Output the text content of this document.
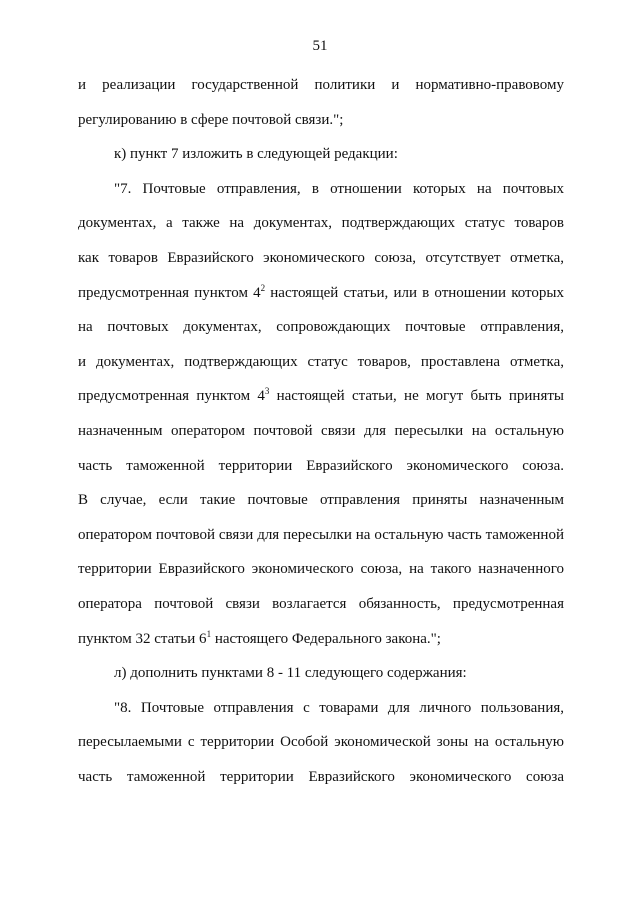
51
и реализации государственной политики и нормативно-правовому
регулированию в сфере почтовой связи.";
к) пункт 7 изложить в следующей редакции:
"7. Почтовые отправления, в отношении которых на почтовых
документах, а также на документах, подтверждающих статус товаров
как товаров Евразийского экономического союза, отсутствует отметка,
предусмотренная пунктом $4^2$ настоящей статьи, или в отношении которых
на почтовых документах, сопровождающих почтовые отправления,
и документах, подтверждающих статус товаров, проставлена отметка,
предусмотренная пунктом $4^3$ настоящей статьи, не могут быть приняты
назначенным оператором почтовой связи для пересылки на остальную
часть таможенной территории Евразийского экономического союза.
В случае, если такие почтовые отправления приняты назначенным
оператором почтовой связи для пересылки на остальную часть таможенной
территории Евразийского экономического союза, на такого назначенного
оператора почтовой связи возлагается обязанность, предусмотренная
пунктом 32 статьи $6^1$ настоящего Федерального закона.";
л) дополнить пунктами 8 - 11 следующего содержания:
"8. Почтовые отправления с товарами для личного пользования,
пересылаемыми с территории Особой экономической зоны на остальную
часть таможенной территории Евразийского экономического союза
